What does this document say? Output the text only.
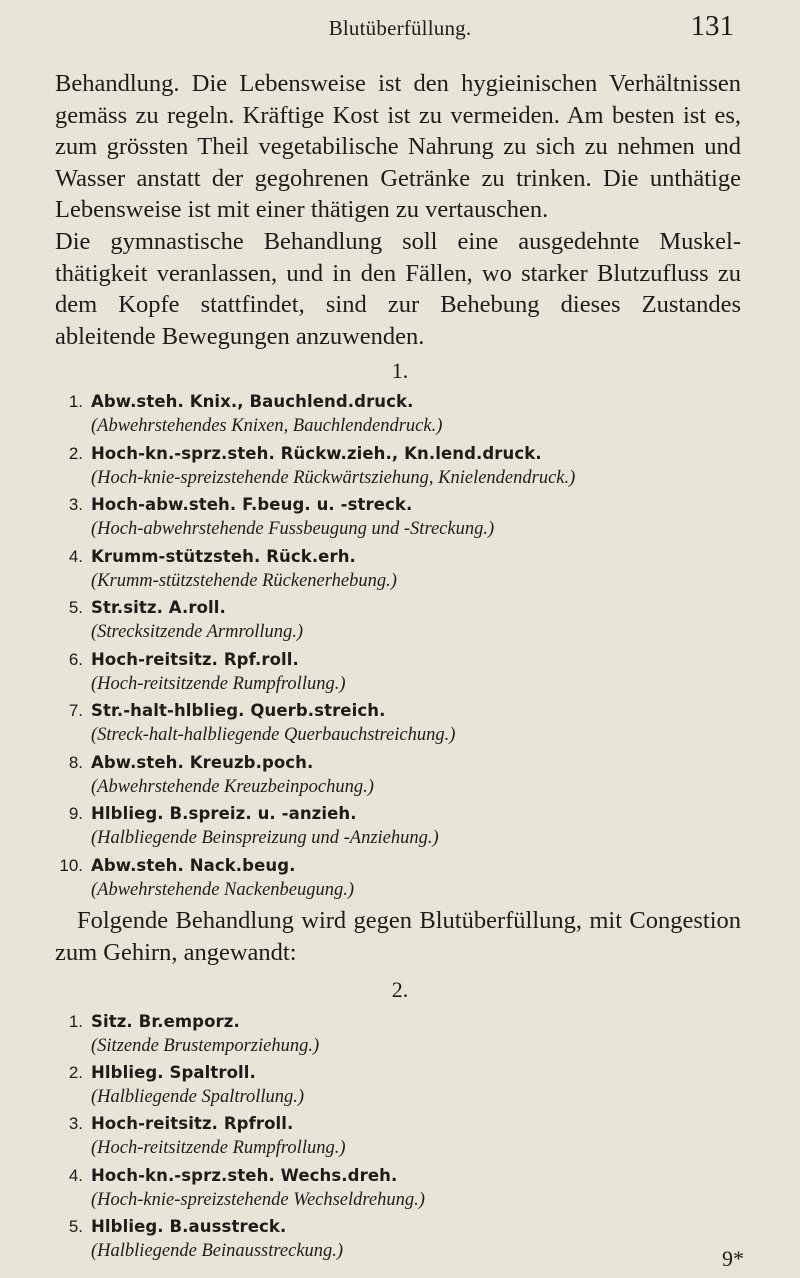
Blutüberfüllung.	131

Behandlung. Die Lebensweise ist den hygieinischen Verhältnissen gemäss zu regeln. Kräftige Kost ist zu vermeiden. Am besten ist es, zum grössten Theil vegetabilische Nahrung zu sich zu nehmen und Wasser anstatt der gegohrenen Getränke zu trinken. Die unthätige Lebensweise ist mit einer thätigen zu vertauschen.

Die gymnastische Behandlung soll eine ausgedehnte Muskelthätigkeit veranlassen, und in den Fällen, wo starker Blutzufluss zu dem Kopfe stattfindet, sind zur Behebung dieses Zustandes ableitende Bewegungen anzuwenden.

1.
1. Abw.steh. Knix., Bauchlend.druck.
(Abwehrstehendes Knixen, Bauchlendendruck.)
2. Hoch-kn.-sprz.steh. Rückw.zieh., Kn.lend.druck.
(Hoch-knie-spreizstehende Rückwärtsziehung, Knielendendruck.)
3. Hoch-abw.steh. F.beug. u. -streck.
(Hoch-abwehrstehende Fussbeugung und -Streckung.)
4. Krumm-stützsteh. Rück.erh.
(Krumm-stützstehende Rückenerhebung.)
5. Str.sitz. A.roll.
(Strecksitzende Armrollung.)
6. Hoch-reitsitz. Rpf.roll.
(Hoch-reitsitzende Rumpfrollung.)
7. Str.-halt-hlblieg. Querb.streich.
(Streck-halt-halbliegende Querbauchstreichung.)
8. Abw.steh. Kreuzb.poch.
(Abwehrstehende Kreuzbeinpochung.)
9. Hlblieg. B.spreiz. u. -anzieh.
(Halbliegende Beinspreizung und -Anziehung.)
10. Abw.steh. Nack.beug.
(Abwehrstehende Nackenbeugung.)

Folgende Behandlung wird gegen Blutüberfüllung, mit Congestion zum Gehirn, angewandt:

2.
1. Sitz. Br.emporz.
(Sitzende Brustemporziehung.)
2. Hlblieg. Spaltroll.
(Halbliegende Spaltrollung.)
3. Hoch-reitsitz. Rpfroll.
(Hoch-reitsitzende Rumpfrollung.)
4. Hoch-kn.-sprz.steh. Wechs.dreh.
(Hoch-knie-spreizstehende Wechseldrehung.)
5. Hlblieg. B.ausstreck.
(Halbliegende Beinausstreckung.)	9*
